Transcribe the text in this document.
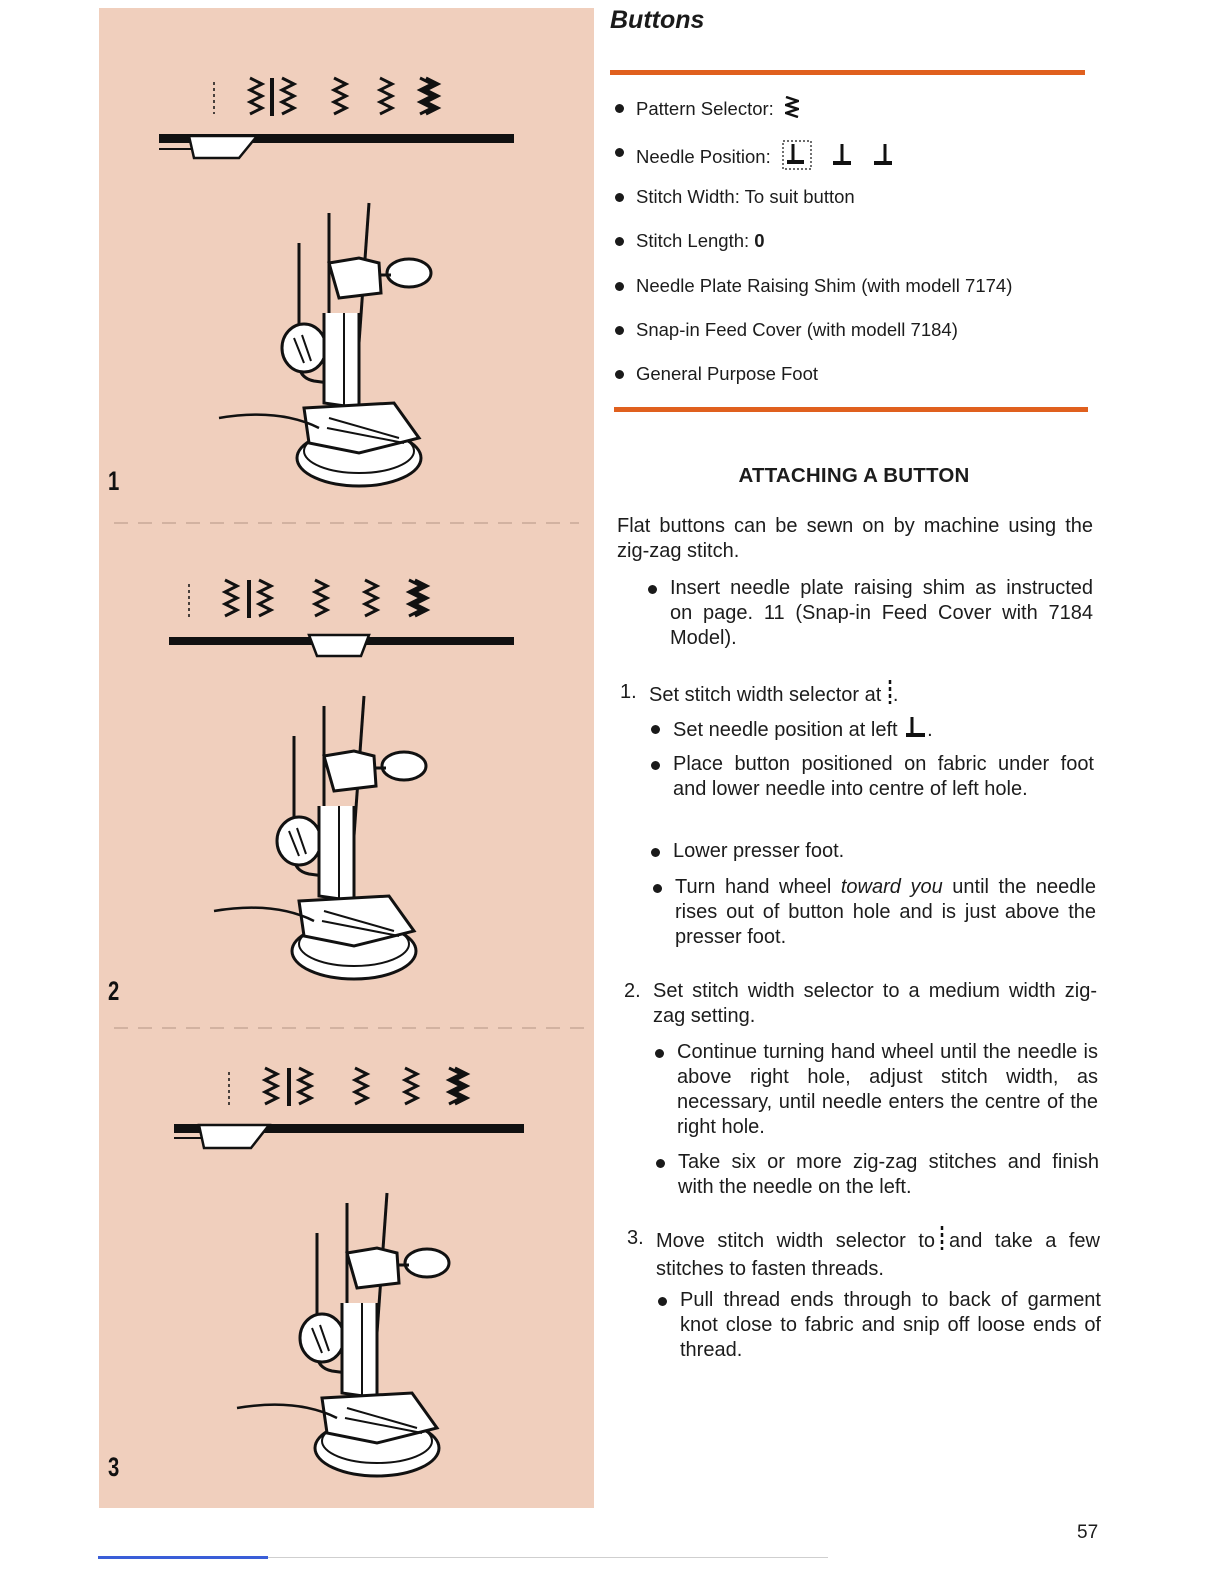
1
2
3
Buttons
Pattern Selector:
Needle Position:
Stitch Width: To suit button
Stitch Length: 0
Needle Plate Raising Shim (with modell 7174)
Snap-in Feed Cover (with modell 7184)
General Purpose Foot
ATTACHING A BUTTON
Flat buttons can be sewn on by machine using the zig-zag stitch.
Insert needle plate raising shim as instructed on page. 11 (Snap-in Feed Cover with 7184 Model).
1. Set stitch width selector at .
Set needle position at left .
Place button positioned on fabric under foot and lower needle into centre of left hole.
Lower presser foot.
Turn hand wheel toward you until the needle rises out of button hole and is just above the presser foot.
2. Set stitch width selector to a medium width zig-zag setting.
Continue turning hand wheel until the needle is above right hole, adjust stitch width, as necessary, until needle enters the centre of the right hole.
Take six or more zig-zag stitches and finish with the needle on the left.
3. Move stitch width selector to and take a few stitches to fasten threads.
Pull thread ends through to back of garment knot close to fabric and snip off loose ends of thread.
57
